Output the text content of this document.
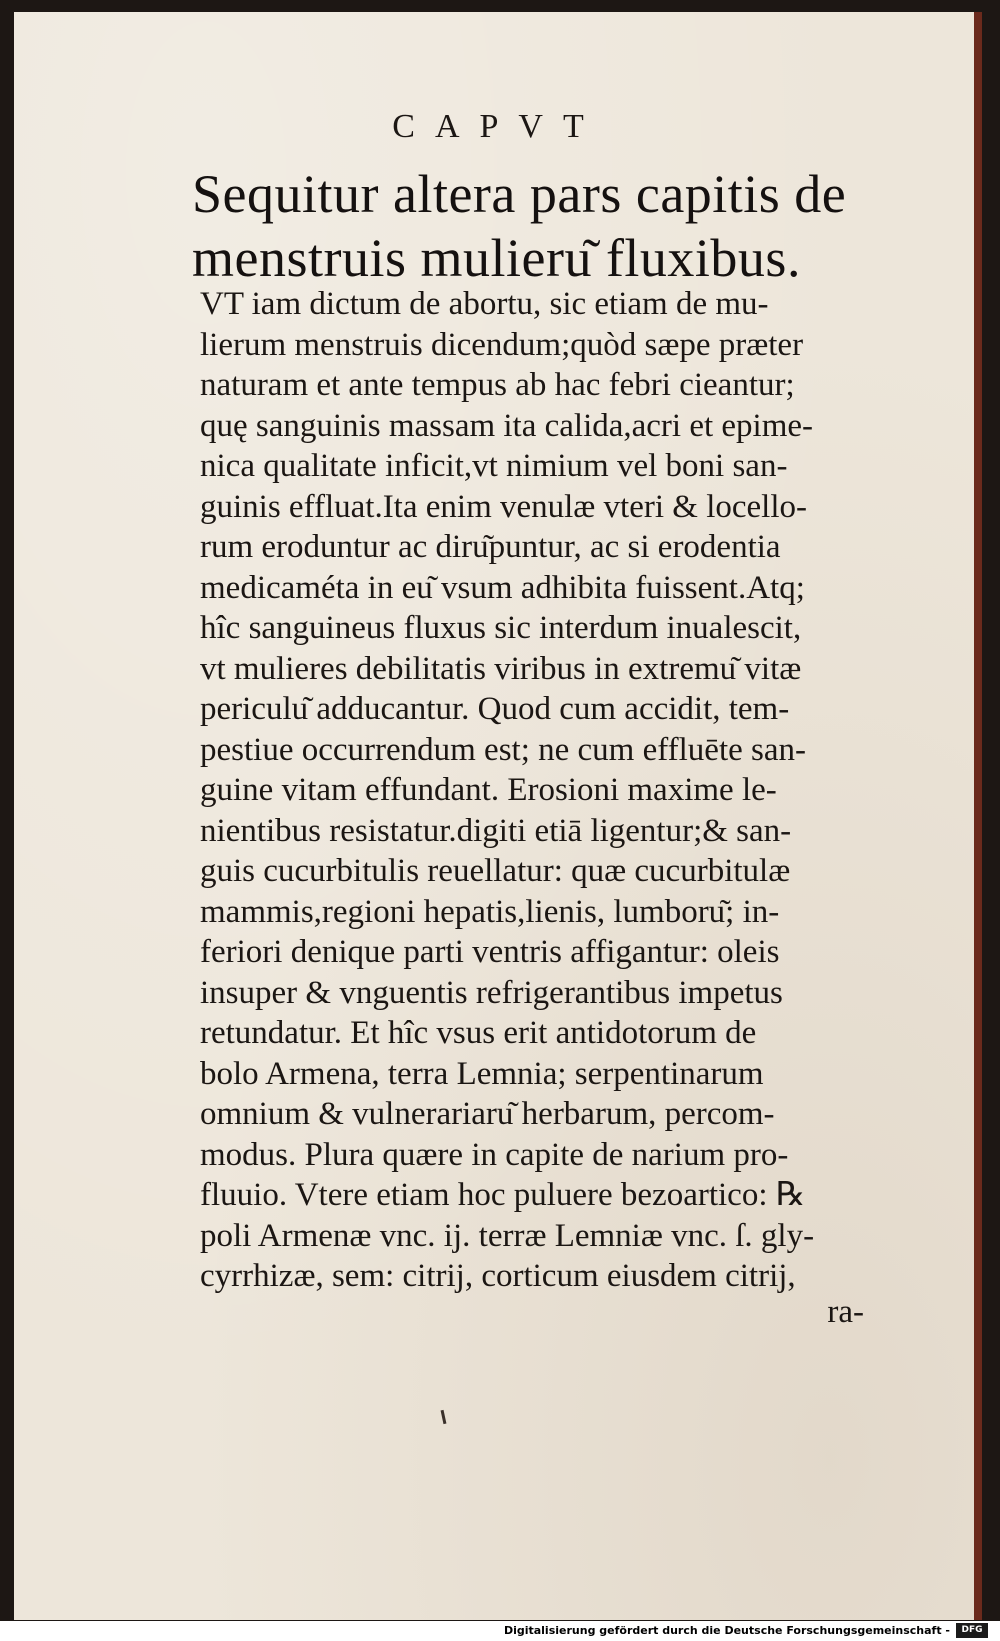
CAPVT
Sequitur altera pars capitis de
menstruis mulieru͂ fluxibus.
VT iam dictum de abortu, sic etiam de mu-
lierum menstruis dicendum;quòd sæpe præter
naturam et ante tempus ab hac febri cieantur;
quę sanguinis massam ita calida,acri et epime-
nica qualitate inficit,vt nimium vel boni san-
guinis effluat.Ita enim venulæ vteri & locello-
rum eroduntur ac diru͂puntur, ac si erodentia
medicaméta in eu͂ vsum adhibita fuissent.Atq;
hîc sanguineus fluxus sic interdum inualescit,
vt mulieres debilitatis viribus in extremu͂ vitæ
periculu͂ adducantur. Quod cum accidit, tem-
pestiue occurrendum est; ne cum effluēte san-
guine vitam effundant. Erosioni maxime le-
nientibus resistatur.digiti etiā ligentur;& san-
guis cucurbitulis reuellatur: quæ cucurbitulæ
mammis,regioni hepatis,lienis, lumboru͂; in-
feriori denique parti ventris affigantur: oleis
insuper & vnguentis refrigerantibus impetus
retundatur. Et hîc vsus erit antidotorum de
bolo Armena, terra Lemnia; serpentinarum
omnium & vulnerariaru͂ herbarum, percom-
modus. Plura quære in capite de narium pro-
fluuio. Vtere etiam hoc puluere bezoartico: ℞
poli Armenæ vnc. ij. terræ Lemniæ vnc. ſ. gly-
cyrrhizæ, sem: citrij, corticum eiusdem citrij,
ra-
Digitalisierung gefördert durch die Deutsche Forschungsgemeinschaft -	DFG
